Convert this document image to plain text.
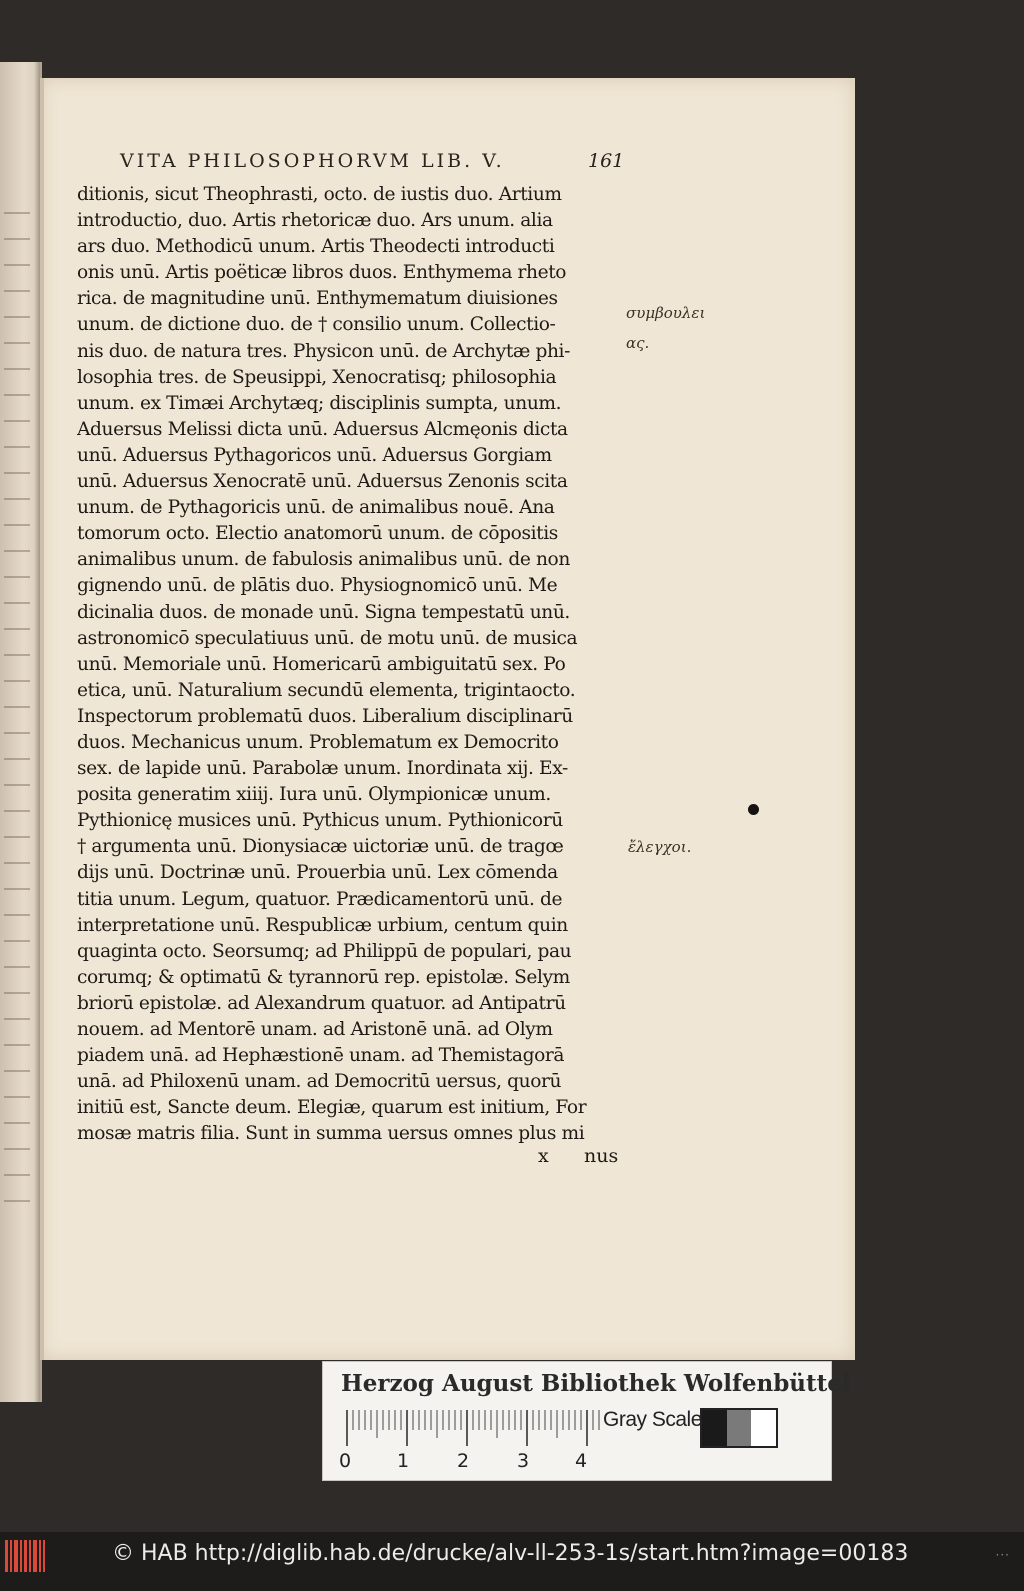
VITA PHILOSOPHORVM LIB. V.	161
ditionis, sicut Theophrasti, octo. de iustis duo. Artium
introductio, duo. Artis rhetoricæ duo. Ars unum. alia
ars duo. Methodicū unum. Artis Theodecti introducti
onis unū. Artis poëticæ libros duos. Enthymema rheto
rica. de magnitudine unū. Enthymematum diuisiones
unum. de dictione duo. de † consilio unum. Collectio-
nis duo. de natura tres. Physicon unū. de Archytæ phi-
losophia tres. de Speusippi, Xenocratisq; philosophia
unum. ex Timæi Archytæq; disciplinis sumpta, unum.
Aduersus Melissi dicta unū. Aduersus Alcmęonis dicta
unū. Aduersus Pythagoricos unū. Aduersus Gorgiam
unū. Aduersus Xenocratē unū. Aduersus Zenonis scita
unum. de Pythagoricis unū. de animalibus nouē. Ana
tomorum octo. Electio anatomorū unum. de cōpositis
animalibus unum. de fabulosis animalibus unū. de non
gignendo unū. de plātis duo. Physiognomicō unū. Me
dicinalia duos. de monade unū. Signa tempestatū unū.
astronomicō speculatiuus unū. de motu unū. de musica
unū. Memoriale unū. Homericarū ambiguitatū sex. Po
etica, unū. Naturalium secundū elementa, trigintaocto.
Inspectorum problematū duos. Liberalium disciplinarū
duos. Mechanicus unum. Problematum ex Democrito
sex. de lapide unū. Parabolæ unum. Inordinata xij. Ex-
posita generatim xiiij. Iura unū. Olympionicæ unum.
Pythionicę musices unū. Pythicus unum. Pythionicorū
† argumenta unū. Dionysiacæ uictoriæ unū. de tragœ
dijs unū. Doctrinæ unū. Prouerbia unū. Lex cōmenda
titia unum. Legum, quatuor. Prædicamentorū unū. de
interpretatione unū. Respublicæ urbium, centum quin
quaginta octo. Seorsumq; ad Philippū de populari, pau
corumq; & optimatū & tyrannorū rep. epistolæ. Selym
briorū epistolæ. ad Alexandrum quatuor. ad Antipatrū
nouem. ad Mentorē unam. ad Aristonē unā. ad Olym
piadem unā. ad Hephæstionē unam. ad Themistagorā
unā. ad Philoxenū unam. ad Democritū uersus, quorū
initiū est, Sancte deum. Elegiæ, quarum est initium, For
mosæ matris filia. Sunt in summa uersus omnes plus mi
x nus
συμβουλει
ας.
ἔλεγχοι.
Herzog August Bibliothek Wolfenbüttel
0 1	2	3 4
Gray Scale
© HAB http://diglib.hab.de/drucke/alv-ll-253-1s/start.htm?image=00183	···
